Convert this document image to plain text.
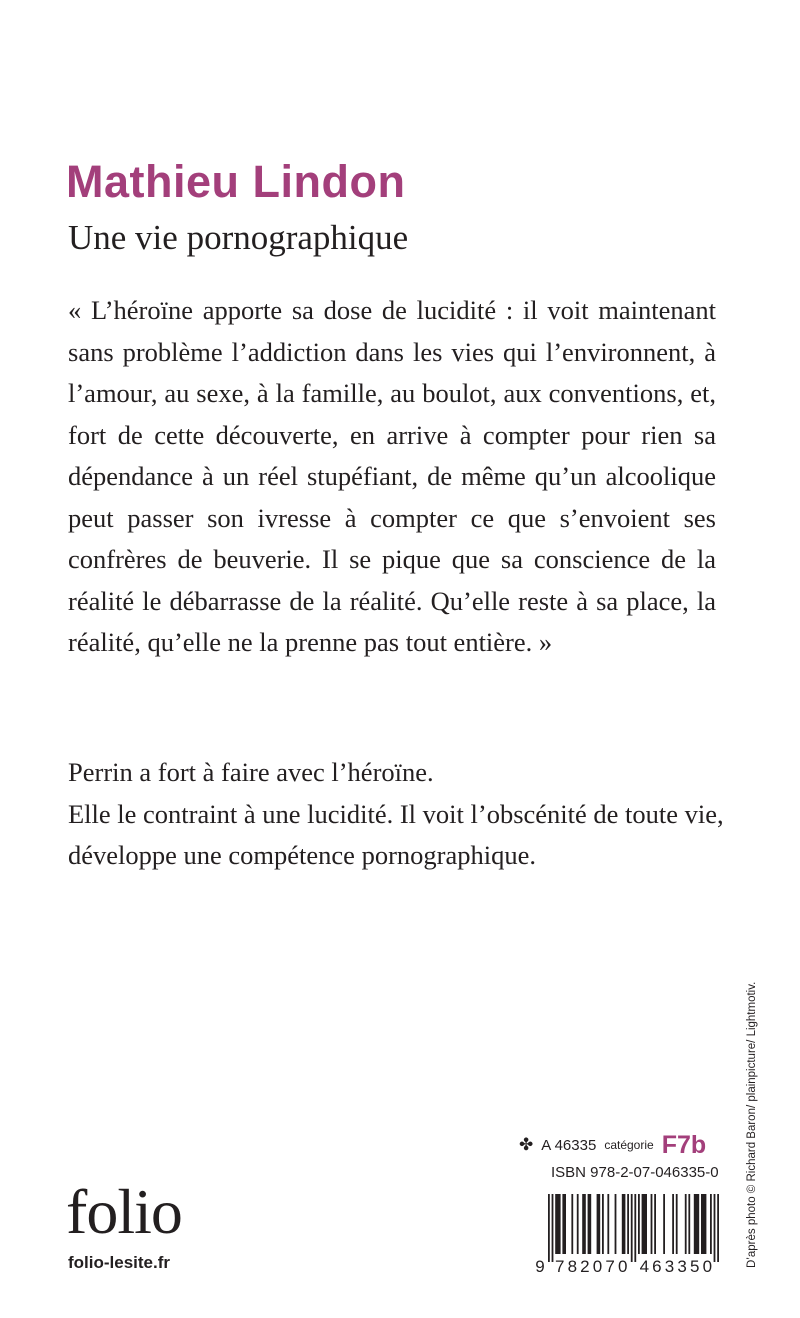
Mathieu Lindon
Une vie pornographique

« L’héroïne apporte sa dose de lucidité : il voit maintenant sans problème l’addiction dans les vies qui l’environnent, à l’amour, au sexe, à la famille, au boulot, aux conventions, et, fort de cette découverte, en arrive à compter pour rien sa dépendance à un réel stupéfiant, de même qu’un alcoolique peut passer son ivresse à compter ce que s’envoient ses confrères de beuverie. Il se pique que sa conscience de la réalité le débarrasse de la réalité. Qu’elle reste à sa place, la réalité, qu’elle ne la prenne pas tout entière. »

Perrin a fort à faire avec l’héroïne.
Elle le contraint à une lucidité. Il voit l’obscénité de toute vie, développe une compétence pornographique.

D’après photo © Richard Baron/ plainpicture/ Lightmotiv.
folio
folio-lesite.fr
✤ A 46335 catégorie F7b
ISBN 978-2-07-046335-0
9 7 8 2 0 7 0 4 6 3 3 5 0
